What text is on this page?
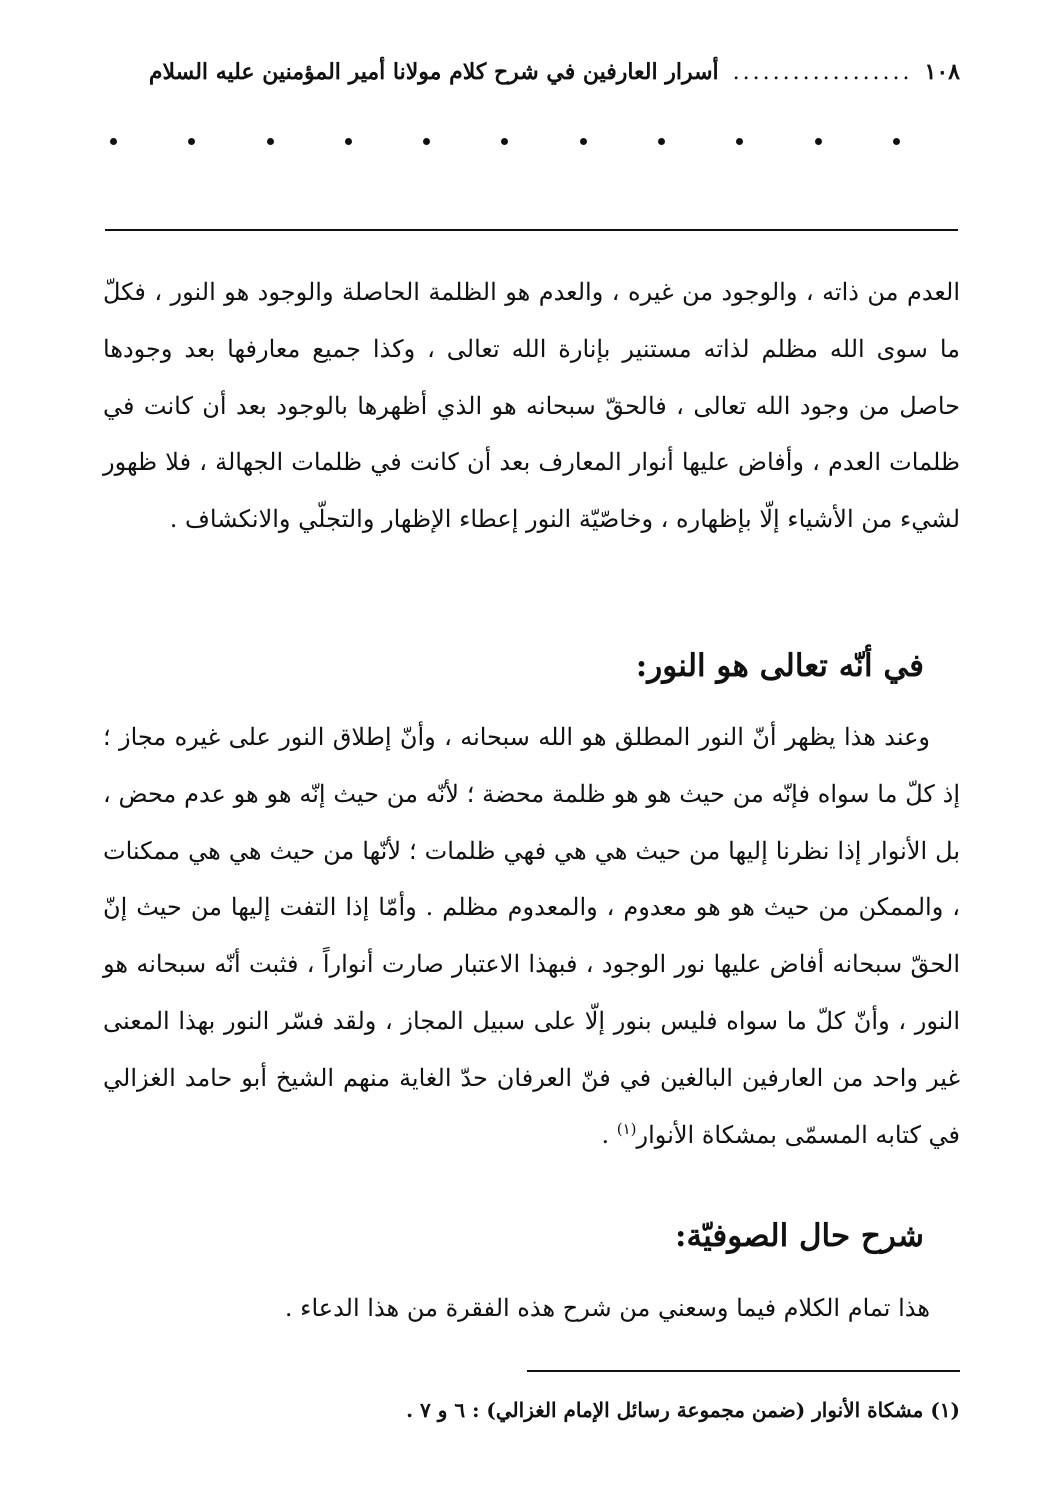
١٠٨
..................
أسرار العارفين في شرح كلام مولانا أمير المؤمنين عليه السلام

العدم من ذاته ، والوجود من غيره ، والعدم هو الظلمة الحاصلة والوجود هو النور ، فكلّ ما سوى الله مظلم لذاته مستنير بإنارة الله تعالى ، وكذا جميع معارفها بعد وجودها حاصل من وجود الله تعالى ، فالحقّ سبحانه هو الذي أظهرها بالوجود بعد أن كانت في ظلمات العدم ، وأفاض عليها أنوار المعارف بعد أن كانت في ظلمات الجهالة ، فلا ظهور لشيء من الأشياء إلّا بإظهاره ، وخاصّيّة النور إعطاء الإظهار والتجلّي والانكشاف .

في أنّه تعالى هو النور:

وعند هذا يظهر أنّ النور المطلق هو الله سبحانه ، وأنّ إطلاق النور على غيره مجاز ؛ إذ كلّ ما سواه فإنّه من حيث هو هو ظلمة محضة ؛ لأنّه من حيث إنّه هو هو عدم محض ، بل الأنوار إذا نظرنا إليها من حيث هي هي فهي ظلمات ؛ لأنّها من حيث هي هي ممكنات ، والممكن من حيث هو هو معدوم ، والمعدوم مظلم . وأمّا إذا التفت إليها من حيث إنّ الحقّ سبحانه أفاض عليها نور الوجود ، فبهذا الاعتبار صارت أنواراً ، فثبت أنّه سبحانه هو النور ، وأنّ كلّ ما سواه فليس بنور إلّا على سبيل المجاز ، ولقد فسّر النور بهذا المعنى غير واحد من العارفين البالغين في فنّ العرفان حدّ الغاية منهم الشيخ أبو حامد الغزالي في كتابه المسمّى بمشكاة الأنوار$^{(١)}$ .

شرح حال الصوفيّة:

هذا تمام الكلام فيما وسعني من شرح هذه الفقرة من هذا الدعاء .

(١) مشكاة الأنوار (ضمن مجموعة رسائل الإمام الغزالي) : ٦ و ٧ .
